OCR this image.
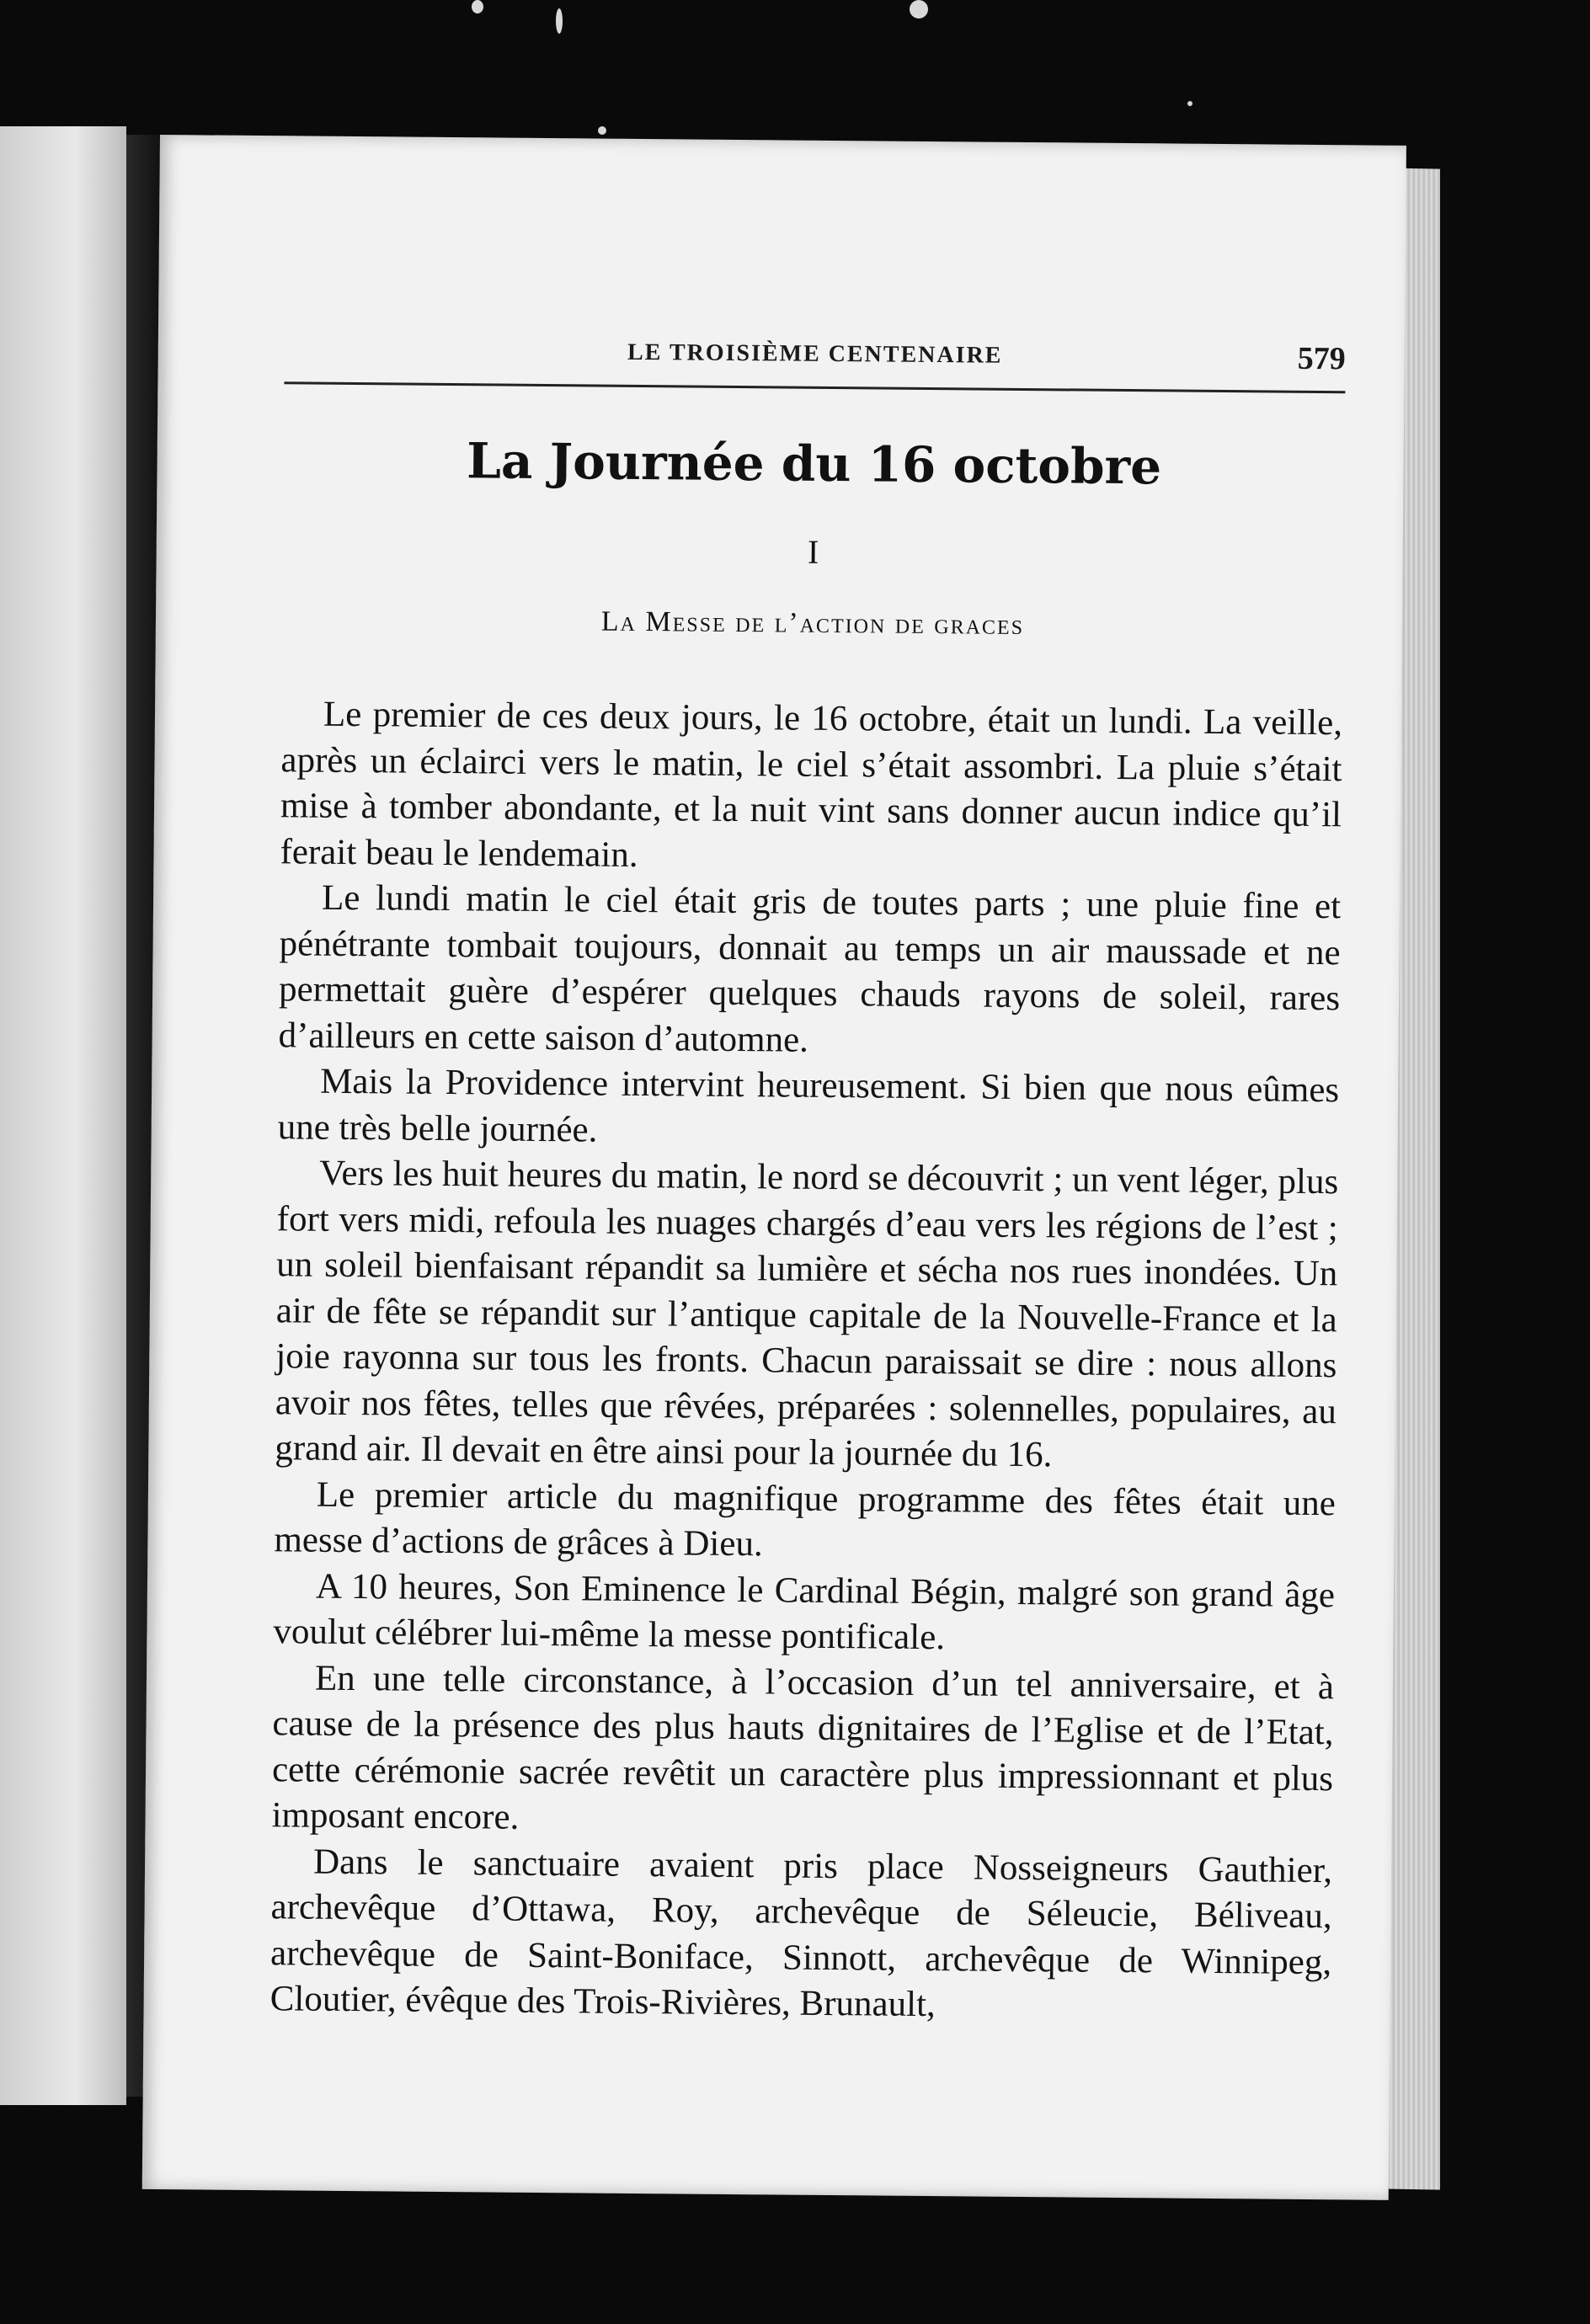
LE TROISIÈME CENTENAIRE	579
La Journée du 16 octobre
I
La Messe de l’action de graces

Le premier de ces deux jours, le 16 octobre, était un lundi. La veille, après un éclairci vers le matin, le ciel s’était assombri. La pluie s’était mise à tomber abondante, et la nuit vint sans donner aucun indice qu’il ferait beau le lendemain.

Le lundi matin le ciel était gris de toutes parts ; une pluie fine et pénétrante tombait toujours, donnait au temps un air maussade et ne permettait guère d’espérer quelques chauds rayons de soleil, rares d’ailleurs en cette saison d’automne.

Mais la Providence intervint heureusement. Si bien que nous eûmes une très belle journée.

Vers les huit heures du matin, le nord se découvrit ; un vent léger, plus fort vers midi, refoula les nuages chargés d’eau vers les régions de l’est ; un soleil bienfaisant répandit sa lumière et sécha nos rues inondées. Un air de fête se répandit sur l’antique capitale de la Nouvelle-France et la joie rayonna sur tous les fronts. Chacun paraissait se dire : nous allons avoir nos fêtes, telles que rêvées, préparées : solennelles, populaires, au grand air. Il devait en être ainsi pour la journée du 16.

Le premier article du magnifique programme des fêtes était une messe d’actions de grâces à Dieu.

A 10 heures, Son Eminence le Cardinal Bégin, malgré son grand âge voulut célébrer lui-même la messe pontificale.

En une telle circonstance, à l’occasion d’un tel anniversaire, et à cause de la présence des plus hauts dignitaires de l’Eglise et de l’Etat, cette cérémonie sacrée revêtit un caractère plus impressionnant et plus imposant encore.

Dans le sanctuaire avaient pris place Nosseigneurs Gauthier, archevêque d’Ottawa, Roy, archevêque de Séleucie, Béliveau, archevêque de Saint-Boniface, Sinnott, archevêque de Winnipeg, Cloutier, évêque des Trois-Rivières, Brunault,
